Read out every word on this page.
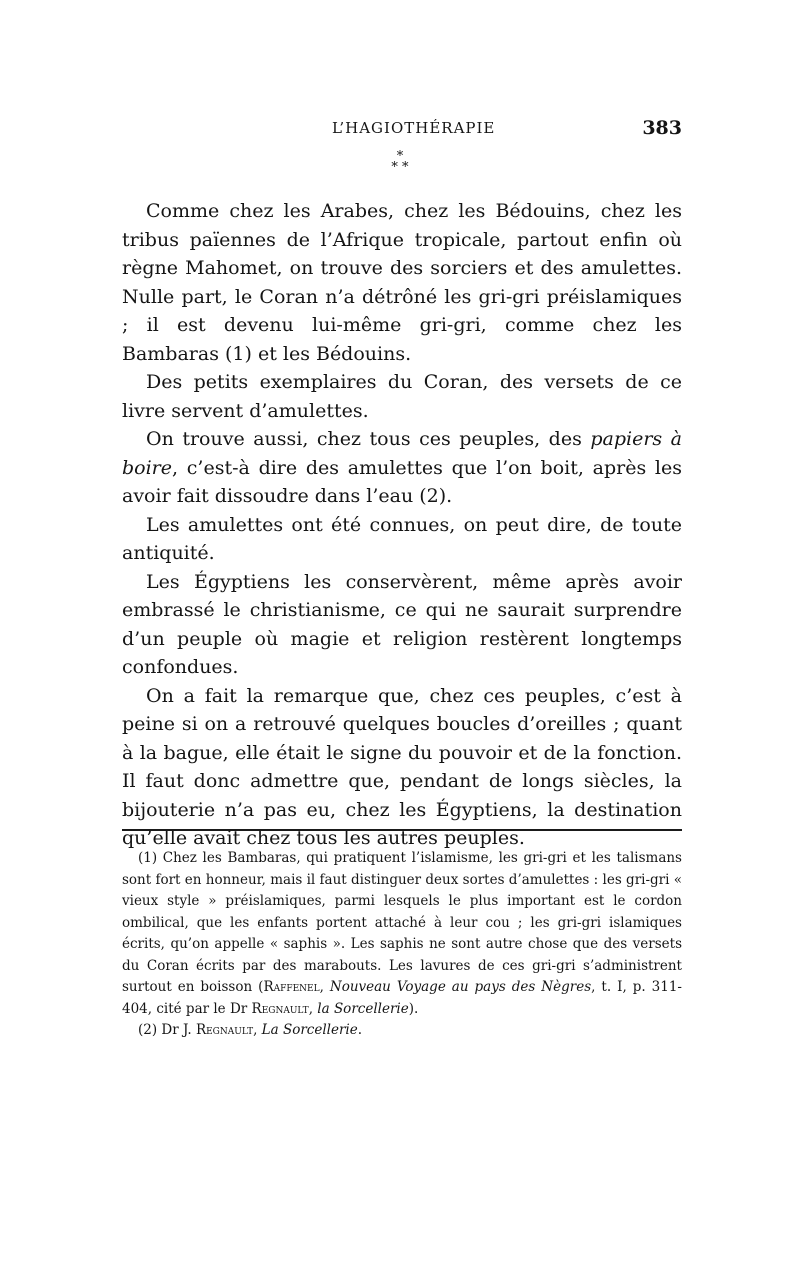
L’HAGIOTHÉRAPIE	383
*
* *

Comme chez les Arabes, chez les Bédouins, chez les tribus païennes de l’Afrique tropicale, partout enfin où règne Mahomet, on trouve des sorciers et des amulettes. Nulle part, le Coran n’a détrôné les gri-gri préislamiques ; il est devenu lui-même gri-gri, comme chez les Bambaras (1) et les Bédouins.

Des petits exemplaires du Coran, des versets de ce livre servent d’amulettes.

On trouve aussi, chez tous ces peuples, des papiers à boire, c’est-à dire des amulettes que l’on boit, après les avoir fait dissoudre dans l’eau (2).

Les amulettes ont été connues, on peut dire, de toute antiquité.

Les Égyptiens les conservèrent, même après avoir embrassé le christianisme, ce qui ne saurait surprendre d’un peuple où magie et religion restèrent longtemps confondues.

On a fait la remarque que, chez ces peuples, c’est à peine si on a retrouvé quelques boucles d’oreilles ; quant à la bague, elle était le signe du pouvoir et de la fonction. Il faut donc admettre que, pendant de longs siècles, la bijouterie n’a pas eu, chez les Égyptiens, la destination qu’elle avait chez tous les autres peuples.

(1) Chez les Bambaras, qui pratiquent l’islamisme, les gri-gri et les talismans sont fort en honneur, mais il faut distinguer deux sortes d’amulettes : les gri-gri « vieux style » préislamiques, parmi lesquels le plus important est le cordon ombilical, que les enfants portent attaché à leur cou ; les gri-gri islamiques écrits, qu’on appelle « saphis ». Les saphis ne sont autre chose que des versets du Coran écrits par des marabouts. Les lavures de ces gri-gri s’administrent surtout en boisson (Raffenel, Nouveau Voyage au pays des Nègres, t. I, p. 311-404, cité par le Dr Regnault, la Sorcellerie).

(2) Dr J. Regnault, La Sorcellerie.
